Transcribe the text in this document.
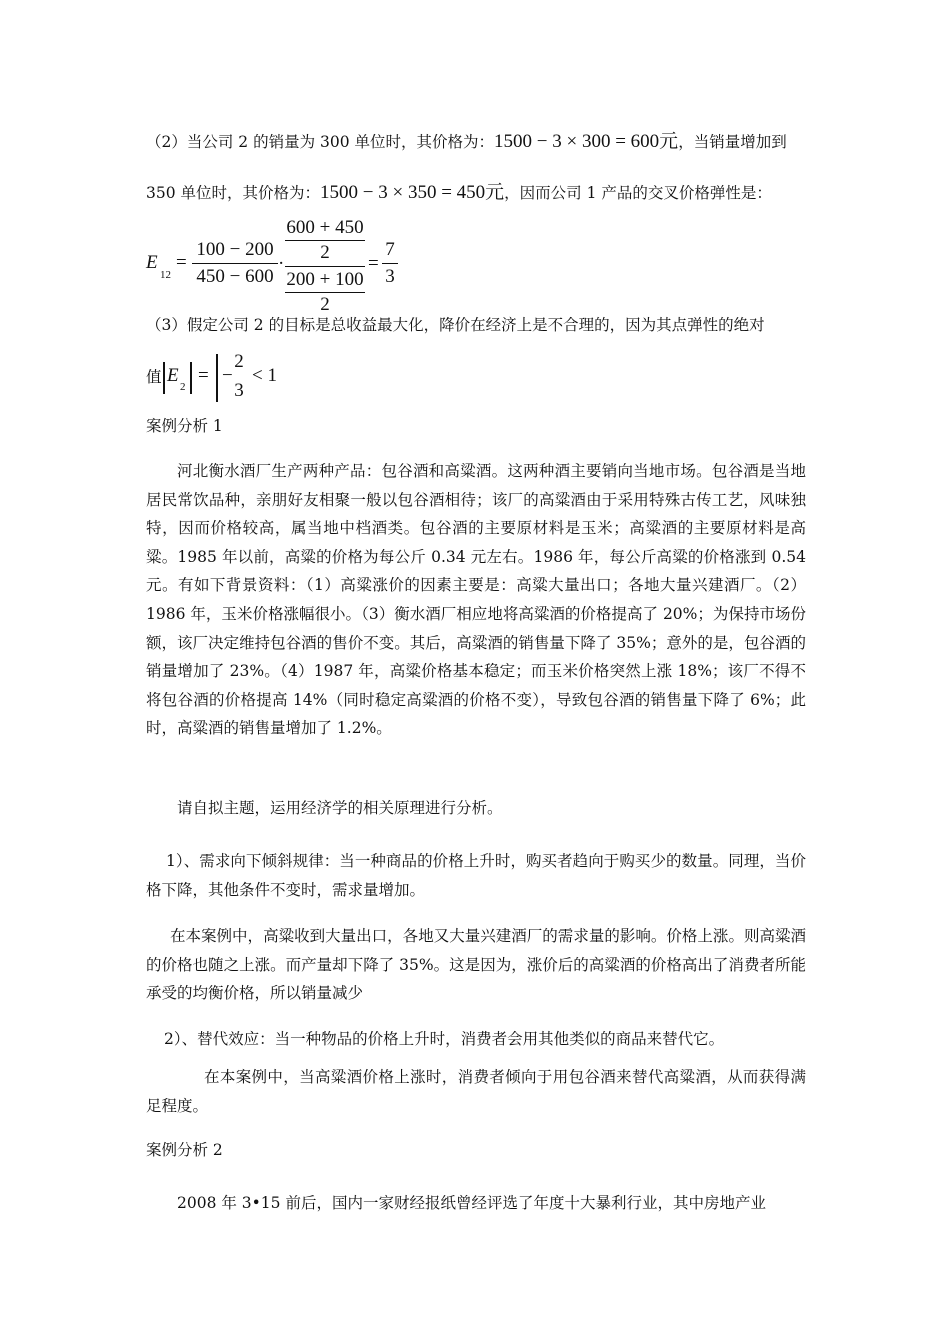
（2）当公司 2 的销量为 300 单位时，其价格为：1500 − 3 × 300 = 600元，当销量增加到
350 单位时，其价格为：1500 − 3 × 350 = 450元，因而公司 1 产品的交叉价格弹性是：
E
12
=
100 − 200
450 − 600
·
600 + 450
2
200 + 100
2
=
7
3
（3）假定公司 2 的目标是总收益最大化，降价在经济上是不合理的，因为其点弹性的绝对
值 E
2
= −
2
3
< 1
案例分析 1
河北衡水酒厂生产两种产品：包谷酒和高粱酒。这两种酒主要销向当地市场。包谷酒是当地居民常饮品种，亲朋好友相聚一般以包谷酒相待；该厂的高粱酒由于采用特殊古传工艺，风味独特，因而价格较高，属当地中档酒类。包谷酒的主要原材料是玉米；高粱酒的主要原材料是高粱。1985 年以前，高粱的价格为每公斤 0.34 元左右。1986 年，每公斤高粱的价格涨到 0.54 元。有如下背景资料：（1）高粱涨价的因素主要是：高粱大量出口；各地大量兴建酒厂。（2）1986 年，玉米价格涨幅很小。（3）衡水酒厂相应地将高粱酒的价格提高了 20%；为保持市场份额，该厂决定维持包谷酒的售价不变。其后，高粱酒的销售量下降了 35%；意外的是，包谷酒的销量增加了 23%。（4）1987 年，高粱价格基本稳定；而玉米价格突然上涨 18%；该厂不得不将包谷酒的价格提高 14%（同时稳定高粱酒的价格不变），导致包谷酒的销售量下降了 6%；此时，高粱酒的销售量增加了 1.2%。
请自拟主题，运用经济学的相关原理进行分析。
1）、需求向下倾斜规律：当一种商品的价格上升时，购买者趋向于购买少的数量。同理，当价格下降，其他条件不变时，需求量增加。
在本案例中，高粱收到大量出口，各地又大量兴建酒厂的需求量的影响。价格上涨。则高粱酒的价格也随之上涨。而产量却下降了 35%。这是因为，涨价后的高粱酒的价格高出了消费者所能承受的均衡价格，所以销量减少
2）、替代效应：当一种物品的价格上升时，消费者会用其他类似的商品来替代它。
在本案例中，当高粱酒价格上涨时，消费者倾向于用包谷酒来替代高粱酒，从而获得满足程度。
案例分析 2
2008 年 3•15 前后，国内一家财经报纸曾经评选了年度十大暴利行业，其中房地产业
